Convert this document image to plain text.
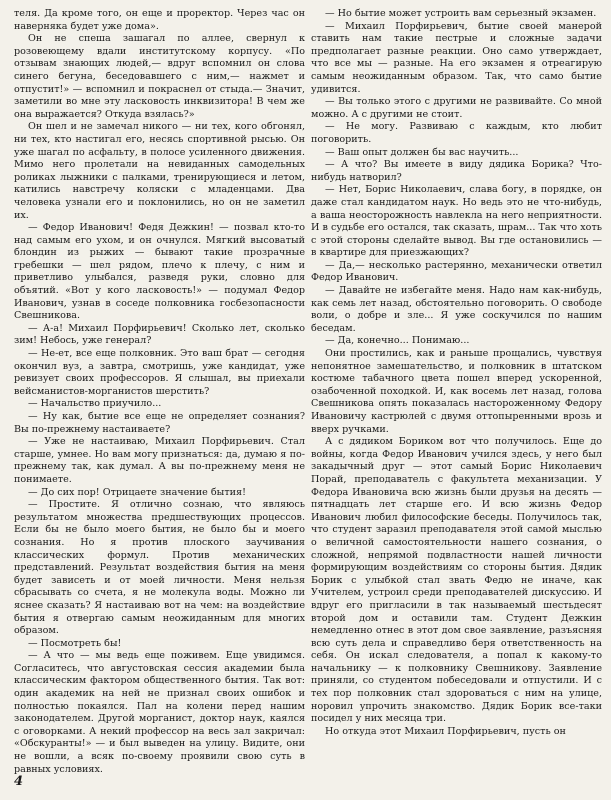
теля. Да кроме того, он еще и проректор. Через час он наверняка будет уже дома».

Он не спеша зашагал по аллее, свернул к розовеющему вдали институтскому корпусу. «По отзывам знающих людей,— вдруг вспомнил он слова синего бегуна, беседовавшего с ним,— нажмет и отпустит!» — вспомнил и покраснел от стыда.— Значит, заметили во мне эту ласковость инквизитора! В чем же она выражается? Откуда взялась?»

Он шел и не замечал никого — ни тех, кого обгонял, ни тех, кто настигал его, несясь спортивной рысью. Он уже шагал по асфальту, в полосе усиленного движения. Мимо него пролетали на невиданных самодельных роликах лыжники с палками, тренирующиеся и летом, катились навстречу коляски с младенцами. Два человека узнали его и поклонились, но он не заметил их.

— Федор Иванович! Федя Дежкин! — позвал кто-то над самым его ухом, и он очнулся. Мягкий высоватый блондин из рыжих — бывают такие прозрачные гребешки — шел рядом, плечо к плечу, с ним и приветливо улыбался, разведя руки, словно для объятий. «Вот у кого ласковость!» — подумал Федор Иванович, узнав в соседе полковника госбезопасности Свешникова.

— А-а! Михаил Порфирьевич! Сколько лет, сколько зим! Небось, уже генерал?

— Не-ет, все еще полковник. Это ваш брат — сегодня окончил вуз, а завтра, смотришь, уже кандидат, уже ревизует своих профессоров. Я слышал, вы приехали вейсманистов-морганистов шерстить?

— Начальство приучило...

— Ну как, бытие все еще не определяет сознания? Вы по-прежнему настаиваете?

— Уже не настаиваю, Михаил Порфирьевич. Стал старше, умнее. Но вам могу признаться: да, думаю я по-прежнему так, как думал. А вы по-прежнему меня не понимаете.

— До сих пор! Отрицаете значение бытия!

— Простите. Я отлично сознаю, что являюсь результатом множества предшествующих процессов. Если бы не было моего бытия, не было бы и моего сознания. Но я против плоского заучивания классических формул. Против механических представлений. Результат воздействия бытия на меня будет зависеть и от моей личности. Меня нельзя сбрасывать со счета, я не молекула воды. Можно ли яснее сказать? Я настаиваю вот на чем: на воздействие бытия я отвергаю самым неожиданным для многих образом.

— Посмотреть бы!

— А что — мы ведь еще поживем. Еще увидимся. Согласитесь, что августовская сессия академии была классическим фактором общественного бытия. Так вот: один академик на ней не признал своих ошибок и полностью покаялся. Пал на колени перед нашим законодателем. Другой морганист, доктор наук, каялся с оговорками. А некий профессор на весь зал закричал: «Обскуранты!» — и был выведен на улицу. Видите, они не вошли, а всяк по-своему проявили свою суть в равных условиях.

— Но бытие может устроить вам серьезный экзамен.

— Михаил Порфирьевич, бытие своей манерой ставить нам такие пестрые и сложные задачи предполагает разные реакции. Оно само утверждает, что все мы — разные. На его экзамен я отреагирую самым неожиданным образом. Так, что само бытие удивится.

— Вы только этого с другими не развивайте. Со мной можно. А с другими не стоит.

— Не могу. Развиваю с каждым, кто любит поговорить.

— Ваш опыт должен бы вас научить...

— А что? Вы имеете в виду дядика Борика? Что-нибудь натворил?

— Нет, Борис Николаевич, слава богу, в порядке, он даже стал кандидатом наук. Но ведь это не что-нибудь, а ваша неосторожность навлекла на него неприятности. И в судьбе его остался, так сказать, шрам... Так что хоть с этой стороны сделайте вывод. Вы где остановились — в квартире для приезжающих?

— Да,— несколько растерянно, механически ответил Федор Иванович.

— Давайте не избегайте меня. Надо нам как-нибудь, как семь лет назад, обстоятельно поговорить. О свободе воли, о добре и зле... Я уже соскучился по нашим беседам.

— Да, конечно... Понимаю...

Они простились, как и раньше прощались, чувствуя непонятное замешательство, и полковник в штатском костюме табачного цвета пошел вперед ускоренной, озабоченной походкой. И, как восемь лет назад, голова Свешникова опять показалась настороженному Федору Ивановичу кастрюлей с двумя оттопыренными врозь и вверх ручками.

А с дядиком Бориком вот что получилось. Еще до войны, когда Федор Иванович учился здесь, у него был закадычный друг — этот самый Борис Николаевич Порай, преподаватель с факультета механизации. У Федора Ивановича всю жизнь были друзья на десять — пятнадцать лет старше его. И всю жизнь Федор Иванович любил философские беседы. Получилось так, что студент заразил преподавателя этой самой мыслью о величной самостоятельности нашего сознания, о сложной, непрямой подвластности нашей личности формирующим воздействиям со стороны бытия. Дядик Борик с улыбкой стал звать Федю не иначе, как Учителем, устроил среди преподавателей дискуссию. И вдруг его пригласили в так называемый шестьдесят второй дом и оставили там. Студент Дежкин немедленно отнес в этот дом свое заявление, разъясняя всю суть дела и справедливо беря ответственность на себя. Он искал следователя, а попал к какому-то начальнику — к полковнику Свешникову. Заявление приняли, со студентом побеседовали и отпустили. И с тех пор полковник стал здороваться с ним на улице, норовил упрочить знакомство. Дядик Борик все-таки посидел у них месяца три.

Но откуда этот Михаил Порфирьевич, пусть он

4
